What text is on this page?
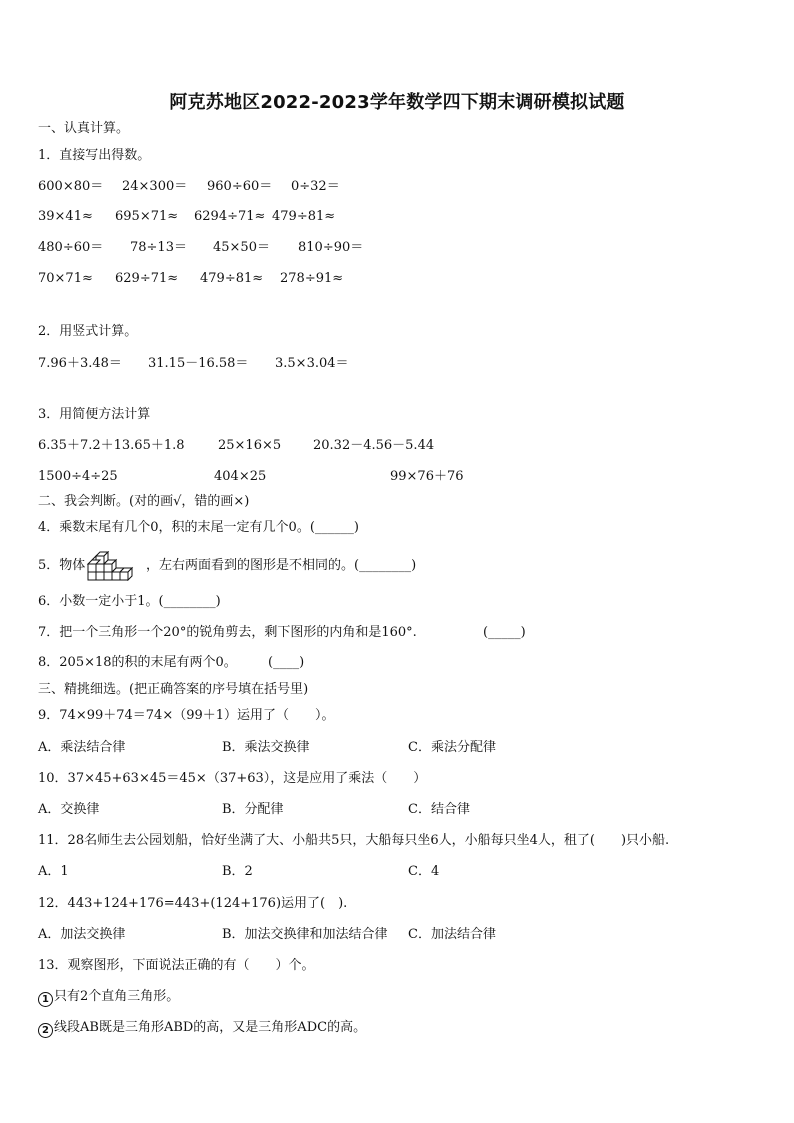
阿克苏地区2022-2023学年数学四下期末调研模拟试题
一、认真计算。
1．直接写出得数。
600×80＝ 24×300＝ 960÷60＝ 0÷32＝
39×41≈ 695×71≈ 6294÷71≈ 479÷81≈
480÷60＝ 78÷13＝ 45×50＝ 810÷90＝
70×71≈ 629÷71≈ 479÷81≈ 278÷91≈
2．用竖式计算。
7.96＋3.48＝ 31.15－16.58＝ 3.5×3.04＝
3．用简便方法计算
6.35＋7.2＋13.65＋1.8	25×16×5 20.32－4.56－5.44
1500÷4÷25	404×25	99×76＋76
二、我会判断。(对的画√，错的画×)
4．乘数末尾有几个0，积的末尾一定有几个0。(______)
5．物体	，左右两面看到的图形是不相同的。(________)
6．小数一定小于1。(________)
7．把一个三角形一个20°的锐角剪去，剩下图形的内角和是160°.	(_____)
8．205×18的积的末尾有两个0。 (____)
三、精挑细选。(把正确答案的序号填在括号里)
9．74×99＋74＝74×（99＋1）运用了（　　）。
A．乘法结合律	B．乘法交换律	C．乘法分配律
10．37×45+63×45＝45×（37+63），这是应用了乘法（　　）
A．交换律	B．分配律	C．结合律
11．28名师生去公园划船，恰好坐满了大、小船共5只，大船每只坐6人，小船每只坐4人，租了(　　)只小船.
A．1	B．2	C．4
12．443+124+176=443+(124+176)运用了(　).
A．加法交换律	B．加法交换律和加法结合律 C．加法结合律
13．观察图形，下面说法正确的有（　　）个。
1 只有2个直角三角形。
2 线段AB既是三角形ABD的高，又是三角形ADC的高。
